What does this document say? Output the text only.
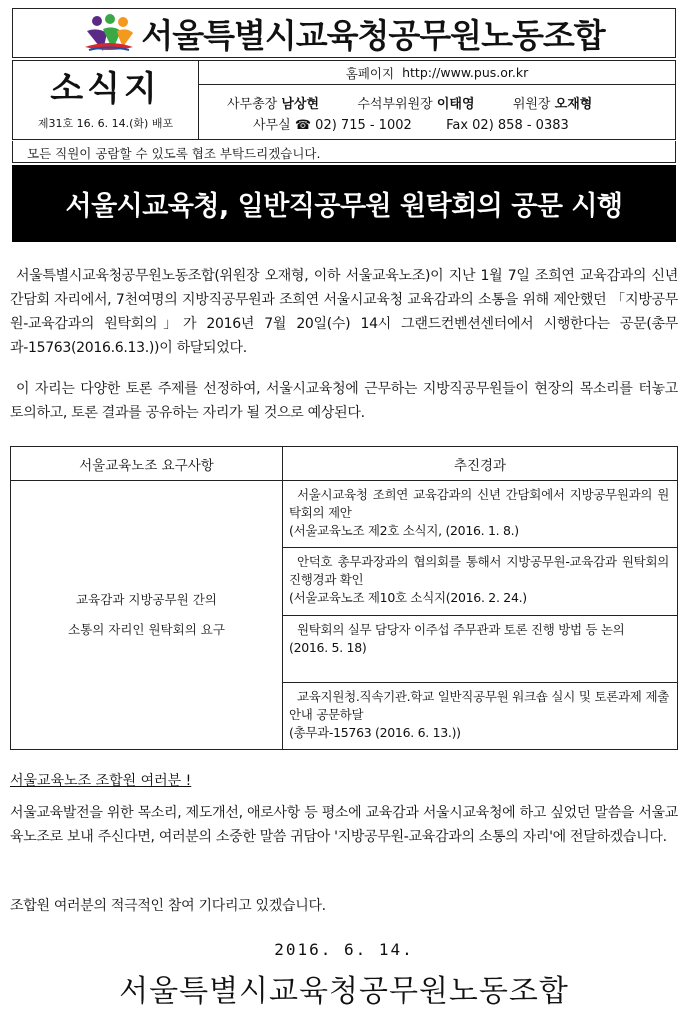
서울특별시교육청공무원노동조합
소식지
제31호 16. 6. 14.(화) 배포
홈페이지 http://www.pus.or.kr
사무총장 남상현	수석부위원장 이태영	위원장 오재형
사무실 ☎ 02) 715 - 1002	Fax 02) 858 - 0383
모든 직원이 공람할 수 있도록 협조 부탁드리겠습니다.
서울시교육청, 일반직공무원 원탁회의 공문 시행

서울특별시교육청공무원노동조합(위원장 오재형, 이하 서울교육노조)이 지난 1월 7일 조희연 교육감과의 신년 간담회 자리에서, 7천여명의 지방직공무원과 조희연 서울시교육청 교육감과의 소통을 위해 제안했던 「지방공무원-교육감과의 원탁회의」가 2016년 7월 20일(수) 14시 그랜드컨벤션센터에서 시행한다는 공문(총무과-15763(2016.6.13.))이 하달되었다.

이 자리는 다양한 토론 주제를 선정하여, 서울시교육청에 근무하는 지방직공무원들이 현장의 목소리를 터놓고 토의하고, 토론 결과를 공유하는 자리가 될 것으로 예상된다.

서울교육노조 요구사항	추진경과
교육감과 지방공무원 간의
소통의 자리인 원탁회의 요구
서울시교육청 조희연 교육감과의 신년 간담회에서 지방공무원과의 원탁회의 제안
(서울교육노조 제2호 소식지, (2016. 1. 8.)
안덕호 총무과장과의 협의회를 통해서 지방공무원-교육감과 원탁회의 진행경과 확인
(서울교육노조 제10호 소식지(2016. 2. 24.)
원탁회의 실무 담당자 이주섭 주무관과 토론 진행 방법 등 논의
(2016. 5. 18)
교육지원청.직속기관.학교 일반직공무원 워크숍 실시 및 토론과제 제출 안내 공문하달
(총무과-15763 (2016. 6. 13.))
서울교육노조 조합원 여러분 !

서울교육발전을 위한 목소리, 제도개선, 애로사항 등 평소에 교육감과 서울시교육청에 하고 싶었던 말씀을 서울교육노조로 보내 주신다면, 여러분의 소중한 말씀 귀담아 '지방공무원-교육감과의 소통의 자리'에 전달하겠습니다.

조합원 여러분의 적극적인 참여 기다리고 있겠습니다.

2016. 6. 14.
서울특별시교육청공무원노동조합
